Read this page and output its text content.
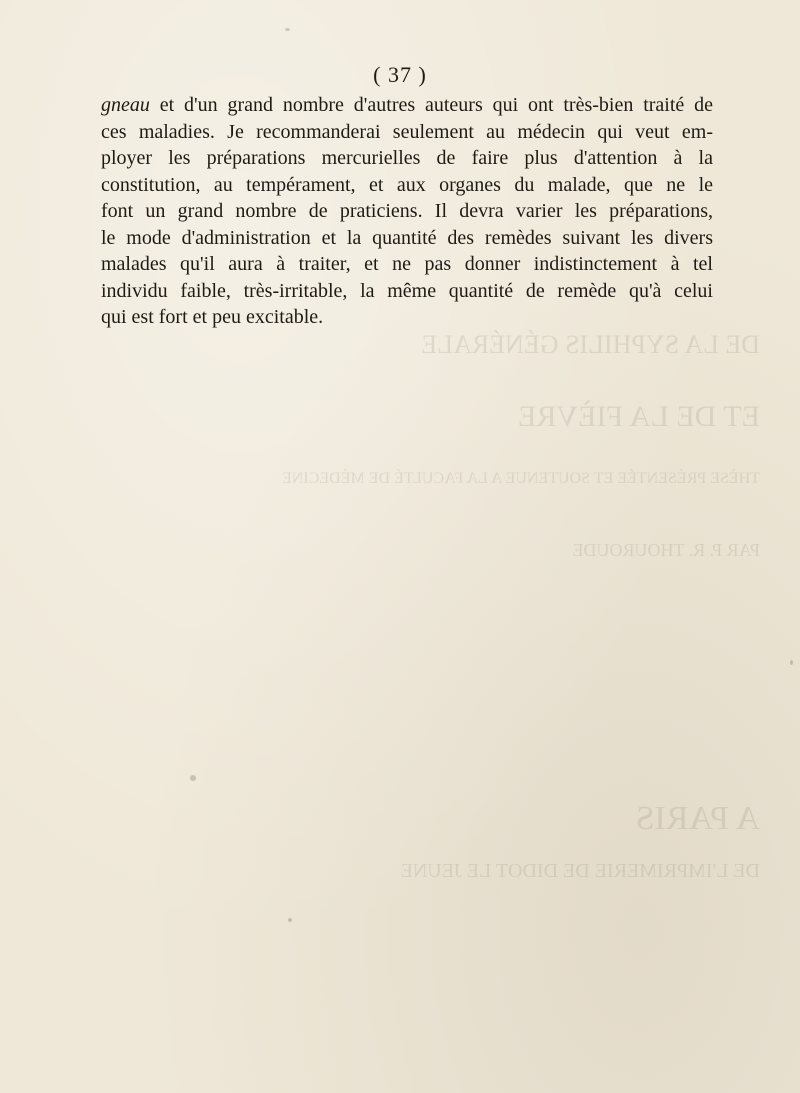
DE LA SYPHILIS GÉNÉRALE
ET DE LA FIÈVRE
THÈSE PRÉSENTÉE ET SOUTENUE A LA FACULTÉ DE MÉDECINE
PAR P. R. THOUROUDE
A PARIS
DE L'IMPRIMERIE DE DIDOT LE JEUNE
( 37 )
gneau et d'un grand nombre d'autres auteurs qui ont très-bien traité de
ces maladies. Je recommanderai seulement au médecin qui veut em-
ployer les préparations mercurielles de faire plus d'attention à la
constitution, au tempérament, et aux organes du malade, que ne le
font un grand nombre de praticiens. Il devra varier les préparations,
le mode d'administration et la quantité des remèdes suivant les divers
malades qu'il aura à traiter, et ne pas donner indistinctement à tel
individu faible, très-irritable, la même quantité de remède qu'à celui
qui est fort et peu excitable.
